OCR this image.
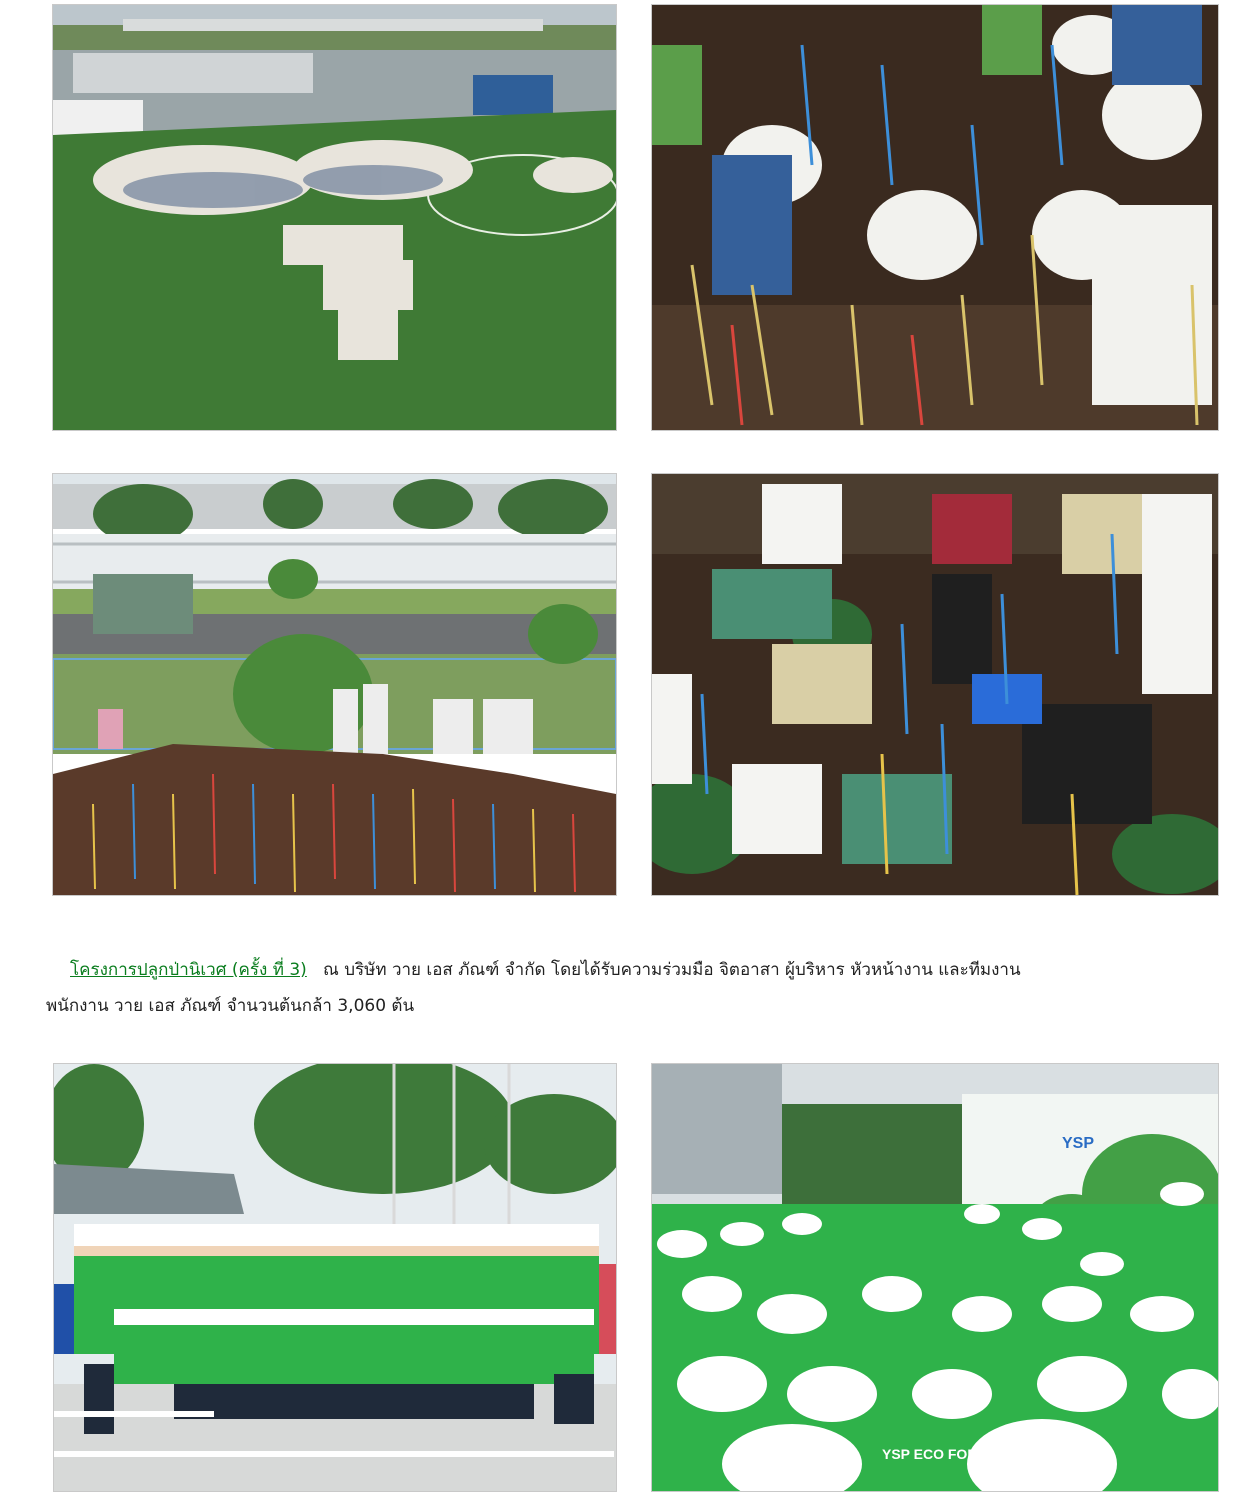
โครงการปลูกป่านิเวศ (ครั้ง ที่ 3) ณ บริษัท วาย เอส ภัณฑ์ จำกัด โดยได้รับความร่วมมือ จิตอาสา ผู้บริหาร หัวหน้างาน และทีมงาน
พนักงาน วาย เอส ภัณฑ์ จำนวนต้นกล้า 3,060 ต้น
YSP
YSP ECO FOREST
